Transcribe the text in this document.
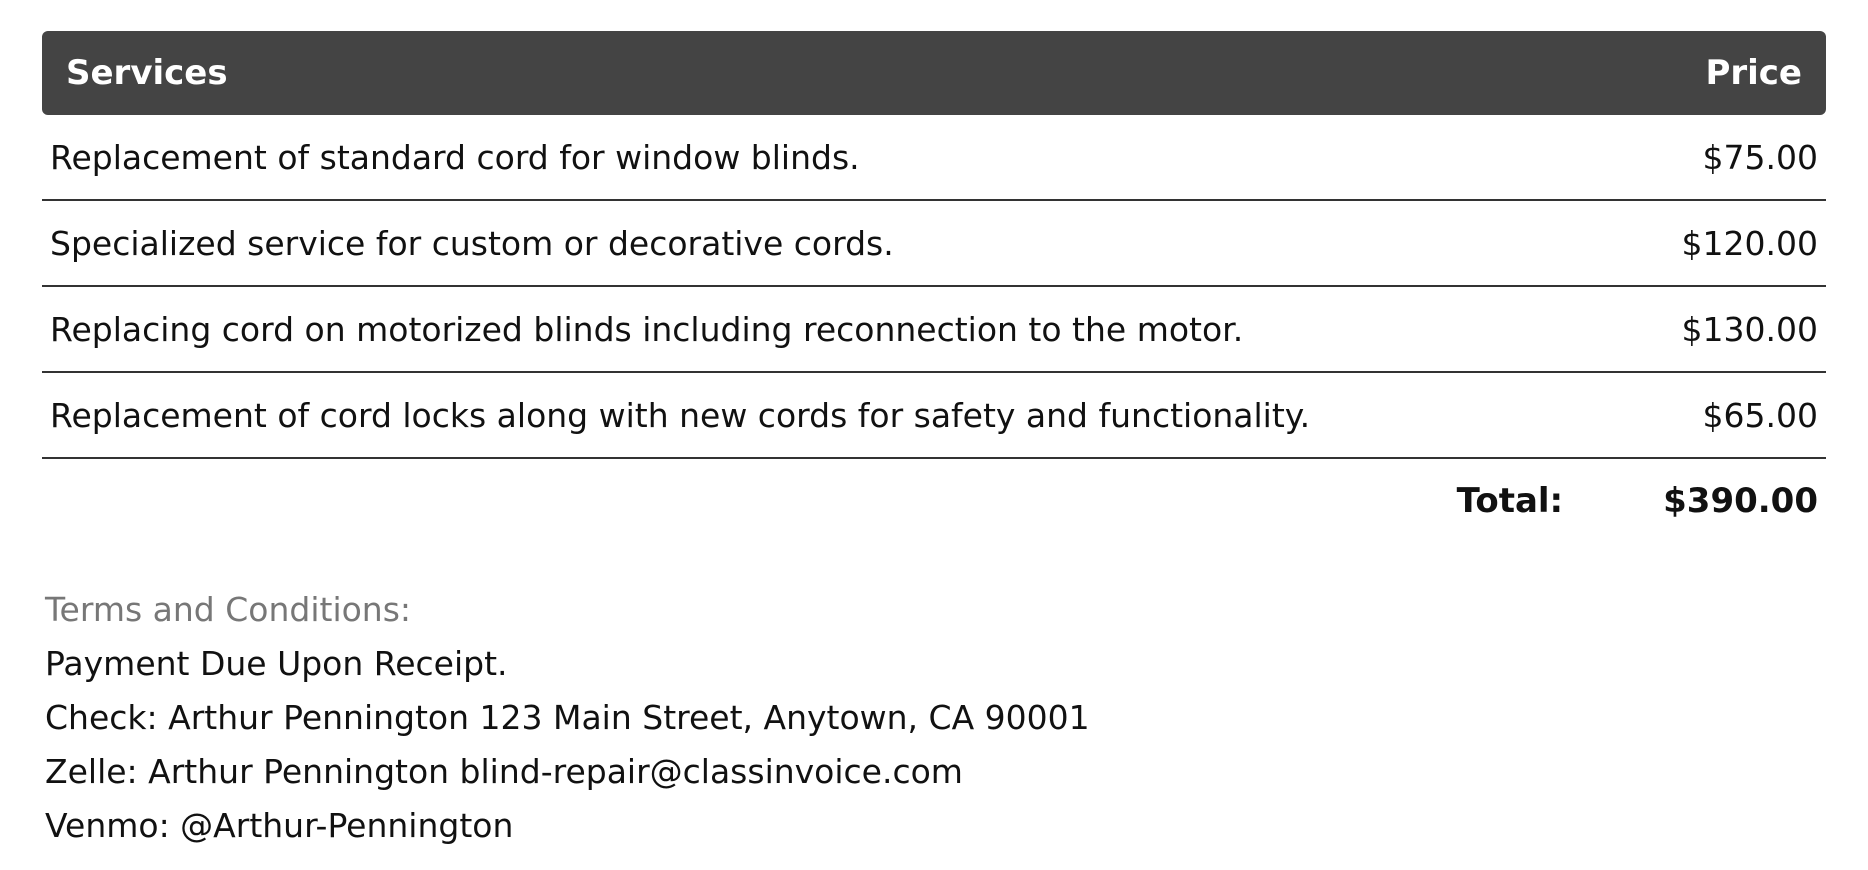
Services	Price
Replacement of standard cord for window blinds.	$75.00
Specialized service for custom or decorative cords.	$120.00
Replacing cord on motorized blinds including reconnection to the motor.	$130.00
Replacement of cord locks along with new cords for safety and functionality.	$65.00
Total:	$390.00
Terms and Conditions:
Payment Due Upon Receipt.
Check: Arthur Pennington 123 Main Street, Anytown, CA 90001
Zelle: Arthur Pennington blind-repair@classinvoice.com
Venmo: @Arthur-Pennington
